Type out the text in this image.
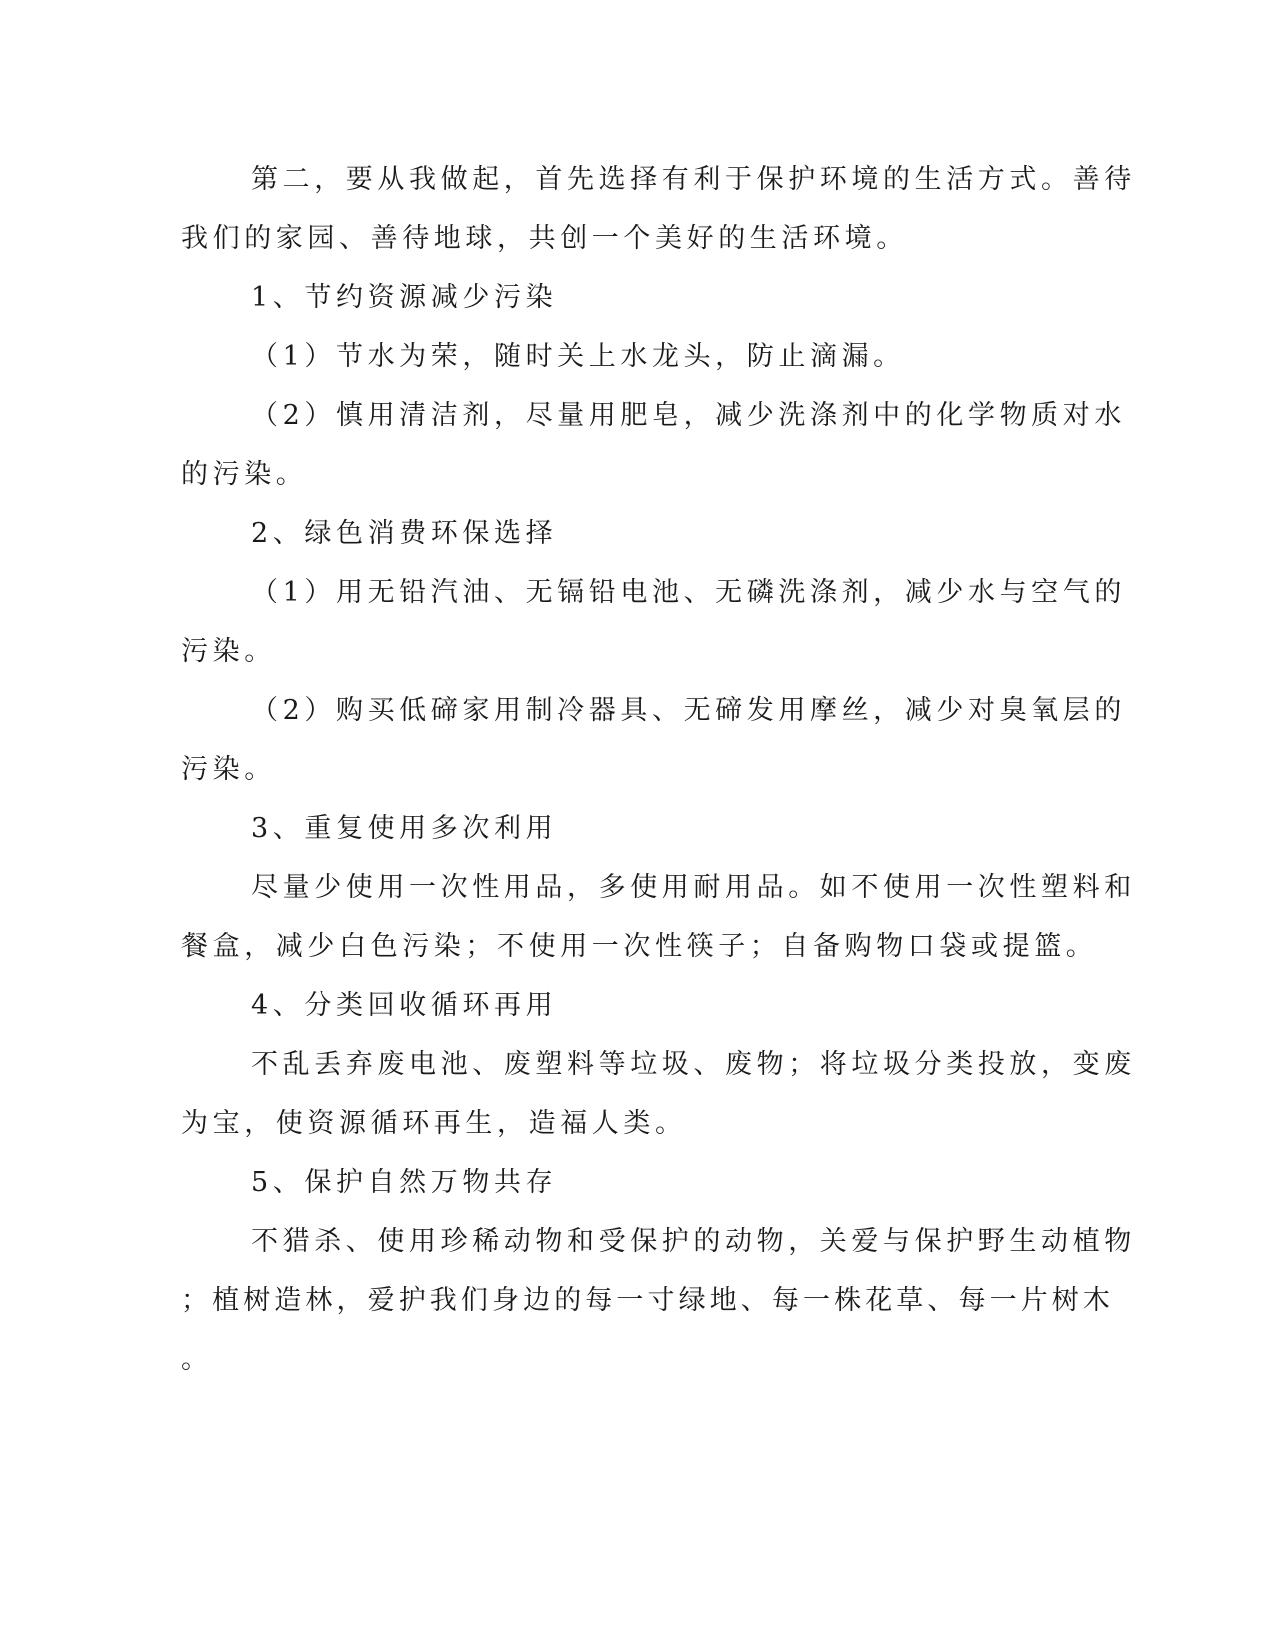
第二，要从我做起，首先选择有利于保护环境的生活方式。善待
我们的家园、善待地球，共创一个美好的生活环境。
1、节约资源减少污染
（1）节水为荣，随时关上水龙头，防止滴漏。
（2）慎用清洁剂，尽量用肥皂，减少洗涤剂中的化学物质对水
的污染。
2、绿色消费环保选择
（1）用无铅汽油、无镉铅电池、无磷洗涤剂，减少水与空气的
污染。
（2）购买低碲家用制冷器具、无碲发用摩丝，减少对臭氧层的
污染。
3、重复使用多次利用
尽量少使用一次性用品，多使用耐用品。如不使用一次性塑料和
餐盒，减少白色污染；不使用一次性筷子；自备购物口袋或提篮。
4、分类回收循环再用
不乱丢弃废电池、废塑料等垃圾、废物；将垃圾分类投放，变废
为宝，使资源循环再生，造福人类。
5、保护自然万物共存
不猎杀、使用珍稀动物和受保护的动物，关爱与保护野生动植物
；植树造林，爱护我们身边的每一寸绿地、每一株花草、每一片树木
。
